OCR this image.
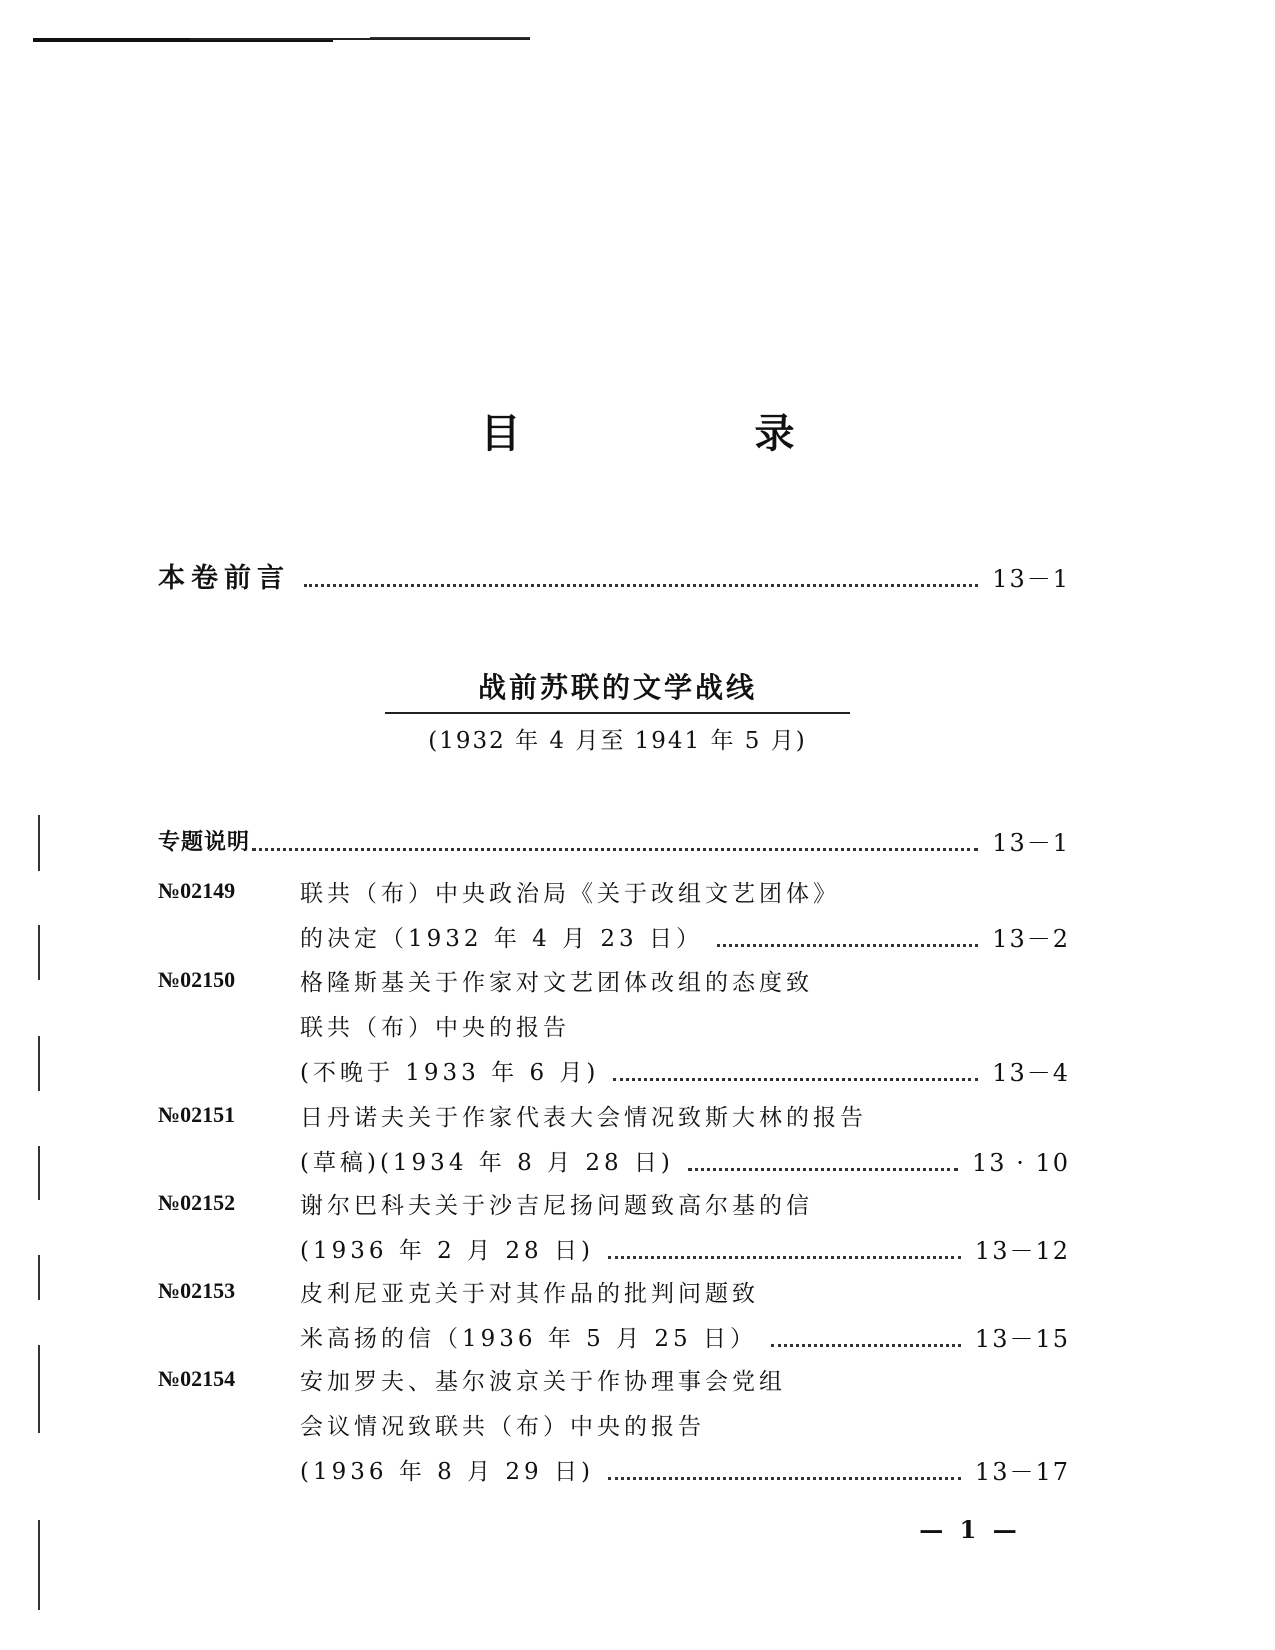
目 录
本卷前言	13－1
战前苏联的文学战线
(1932 年 4 月至 1941 年 5 月)
专题说明	13－1
№02149	联共（布）中央政治局《关于改组文艺团体》
的决定（1932 年 4 月 23 日）	13－2
№02150	格隆斯基关于作家对文艺团体改组的态度致
联共（布）中央的报告
(不晚于 1933 年 6 月)	13－4
№02151	日丹诺夫关于作家代表大会情况致斯大林的报告
(草稿)(1934 年 8 月 28 日)	13 · 10
№02152	谢尔巴科夫关于沙吉尼扬问题致高尔基的信
(1936 年 2 月 28 日)	13－12
№02153	皮利尼亚克关于对其作品的批判问题致
米高扬的信（1936 年 5 月 25 日）	13－15
№02154	安加罗夫、基尔波京关于作协理事会党组
会议情况致联共（布）中央的报告
(1936 年 8 月 29 日)	13－17
— 1 —
